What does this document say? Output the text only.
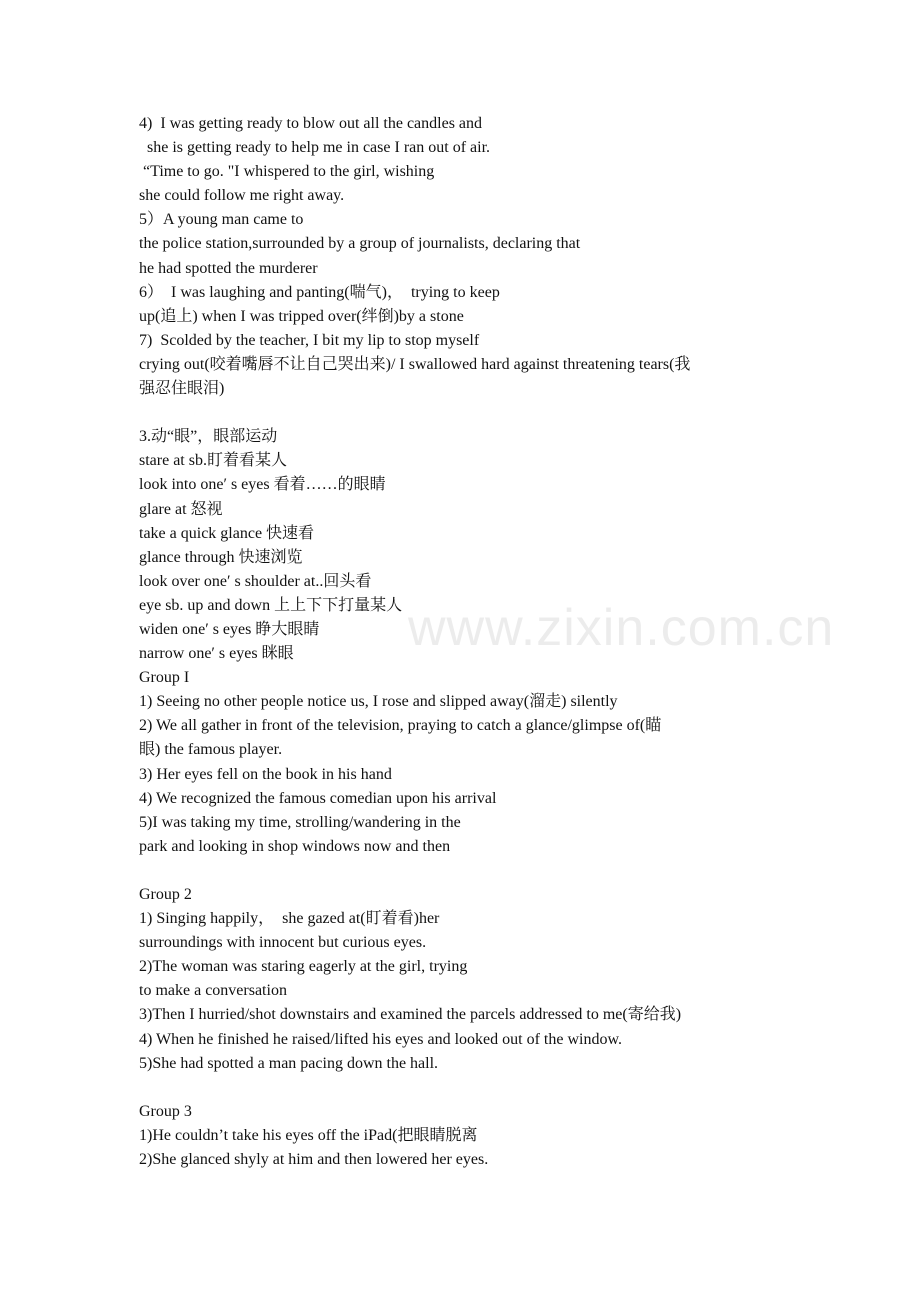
4)  I was getting ready to blow out all the candles and
she is getting ready to help me in case I ran out of air.
“Time to go. "I whispered to the girl, wishing
she could follow me right away.
5）A young man came to
the police station,surrounded by a group of journalists, declaring that
he had spotted the murderer
6）  I was laughing and panting(喘气)，  trying to keep
up(追上) when I was tripped over(绊倒)by a stone
7)  Scolded by the teacher, I bit my lip to stop myself
crying out(咬着嘴唇不让自己哭出来)/ I swallowed hard against threatening tears(我
强忍住眼泪)
3.动“眼”，眼部运动
stare at sb.盯着看某人
look into one′ s eyes 看着……的眼睛
glare at 怒视
take a quick glance 快速看
glance through 快速浏览
look over one′ s shoulder at..回头看
eye sb. up and down 上上下下打量某人
widen one′ s eyes 睁大眼睛
narrow one′ s eyes 眯眼
Group I
1) Seeing no other people notice us, I rose and slipped away(溜走) silently
2) We all gather in front of the television, praying to catch a glance/glimpse of(瞄
眼) the famous player.
3) Her eyes fell on the book in his hand
4) We recognized the famous comedian upon his arrival
5)I was taking my time, strolling/wandering in the
park and looking in shop windows now and then
Group 2
1) Singing happily，  she gazed at(盯着看)her
surroundings with innocent but curious eyes.
2)The woman was staring eagerly at the girl, trying
to make a conversation
3)Then I hurried/shot downstairs and examined the parcels addressed to me(寄给我)
4) When he finished he raised/lifted his eyes and looked out of the window.
5)She had spotted a man pacing down the hall.
Group 3
1)He couldn’t take his eyes off the iPad(把眼睛脱离
2)She glanced shyly at him and then lowered her eyes.
www.zixin.com.cn
